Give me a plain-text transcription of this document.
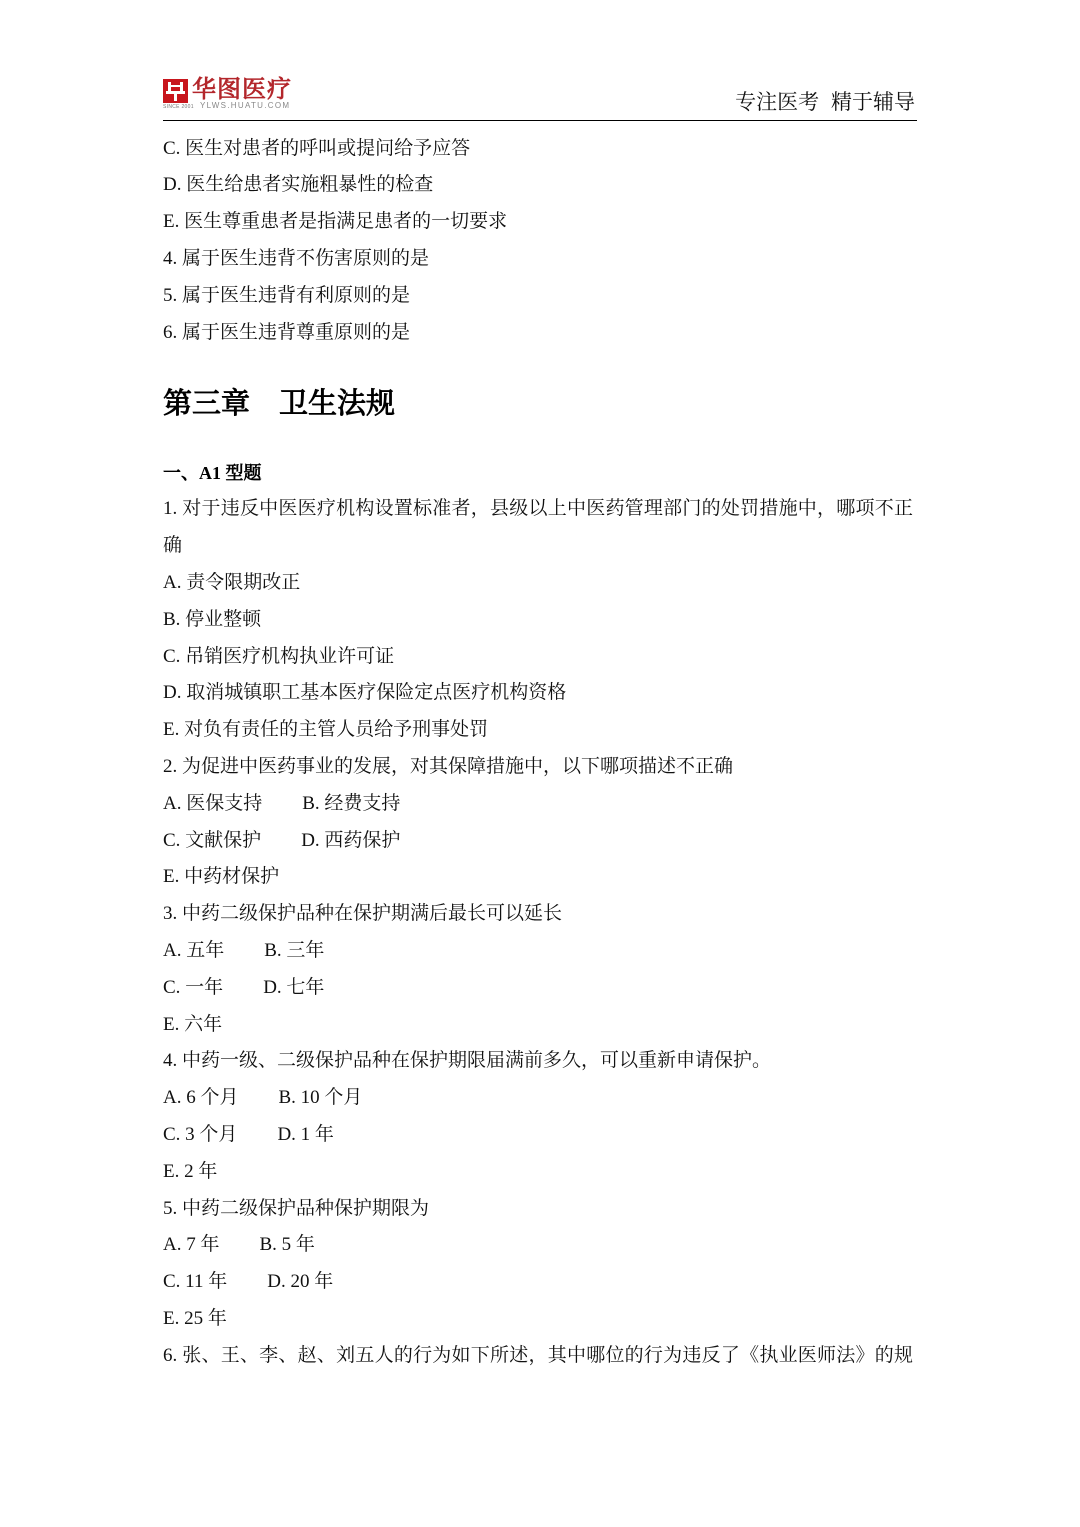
SINCE 2001
华图医疗
YLWS.HUATU.COM	专注医考 精于辅导
C. 医生对患者的呼叫或提问给予应答
D. 医生给患者实施粗暴性的检查
E. 医生尊重患者是指满足患者的一切要求
4. 属于医生违背不伤害原则的是
5. 属于医生违背有利原则的是
6. 属于医生违背尊重原则的是
第三章　卫生法规
一、A1 型题

1. 对于违反中医医疗机构设置标准者，县级以上中医药管理部门的处罚措施中，哪项不正确

A. 责令限期改正
B. 停业整顿
C. 吊销医疗机构执业许可证
D. 取消城镇职工基本医疗保险定点医疗机构资格
E. 对负有责任的主管人员给予刑事处罚

2. 为促进中医药事业的发展，对其保障措施中，以下哪项描述不正确

A. 医保支持 B. 经费支持
C. 文献保护 D. 西药保护
E. 中药材保护

3. 中药二级保护品种在保护期满后最长可以延长

A. 五年 B. 三年
C. 一年 D. 七年
E. 六年

4. 中药一级、二级保护品种在保护期限届满前多久，可以重新申请保护。

A. 6 个月 B. 10 个月
C. 3 个月 D. 1 年
E. 2 年

5. 中药二级保护品种保护期限为

A. 7 年 B. 5 年
C. 11 年 D. 20 年
E. 25 年

6. 张、王、李、赵、刘五人的行为如下所述，其中哪位的行为违反了《执业医师法》的规
